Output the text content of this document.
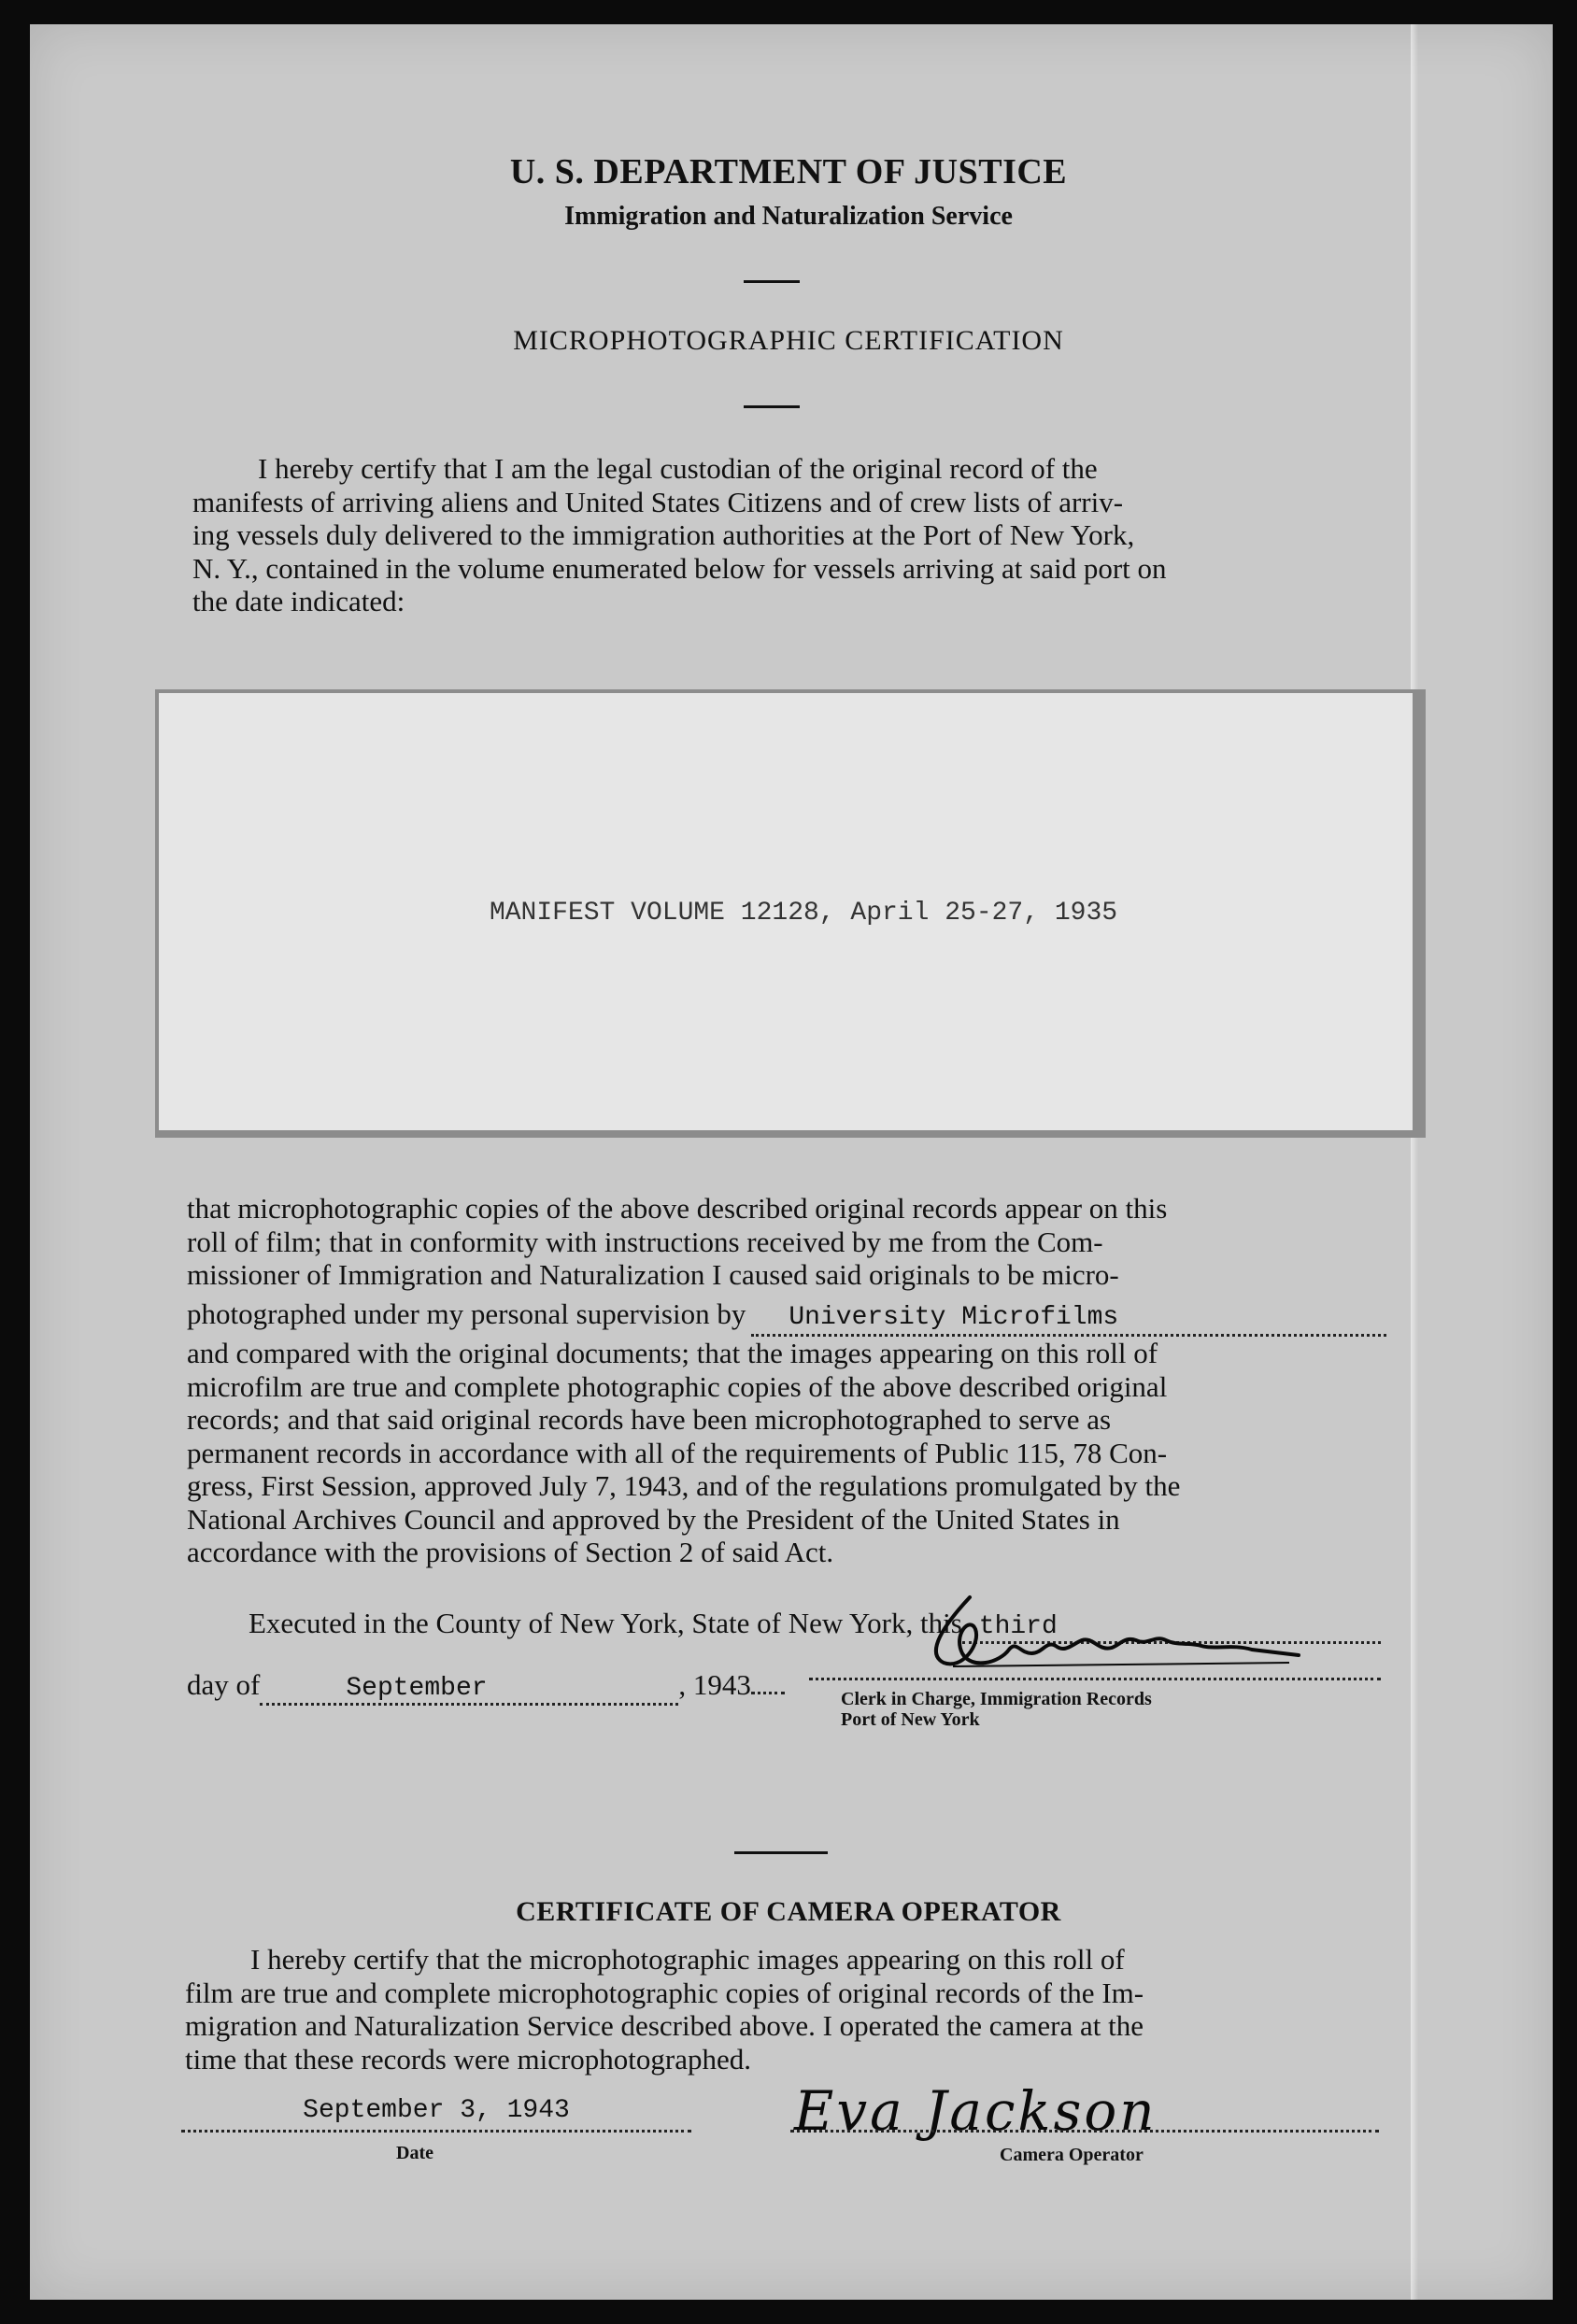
U. S. DEPARTMENT OF JUSTICE
Immigration and Naturalization Service
MICROPHOTOGRAPHIC CERTIFICATION
I hereby certify that I am the legal custodian of the original record of the
manifests of arriving aliens and United States Citizens and of crew lists of arriv-
ing vessels duly delivered to the immigration authorities at the Port of New York,
N. Y., contained in the volume enumerated below for vessels arriving at said port on
the date indicated:
MANIFEST VOLUME 12128, April 25-27, 1935
that microphotographic copies of the above described original records appear on this
roll of film; that in conformity with instructions received by me from the Com-
missioner of Immigration and Naturalization I caused said originals to be micro-
photographed under my personal supervision by	University Microfilms
and compared with the original documents; that the images appearing on this roll of
microfilm are true and complete photographic copies of the above described original
records; and that said original records have been microphotographed to serve as
permanent records in accordance with all of the requirements of Public 115, 78 Con-
gress, First Session, approved July 7, 1943, and of the regulations promulgated by the
National Archives Council and approved by the President of the United States in
accordance with the provisions of Section 2 of said Act.
Executed in the County of New York, State of New York, this third
day of	September	, 1943	Clerk in Charge, Immigration Records
Port of New York
CERTIFICATE OF CAMERA OPERATOR
I hereby certify that the microphotographic images appearing on this roll of
film are true and complete microphotographic copies of original records of the Im-
migration and Naturalization Service described above. I operated the camera at the
time that these records were microphotographed.
September 3, 1943
Date
Eva Jackson
Camera Operator
